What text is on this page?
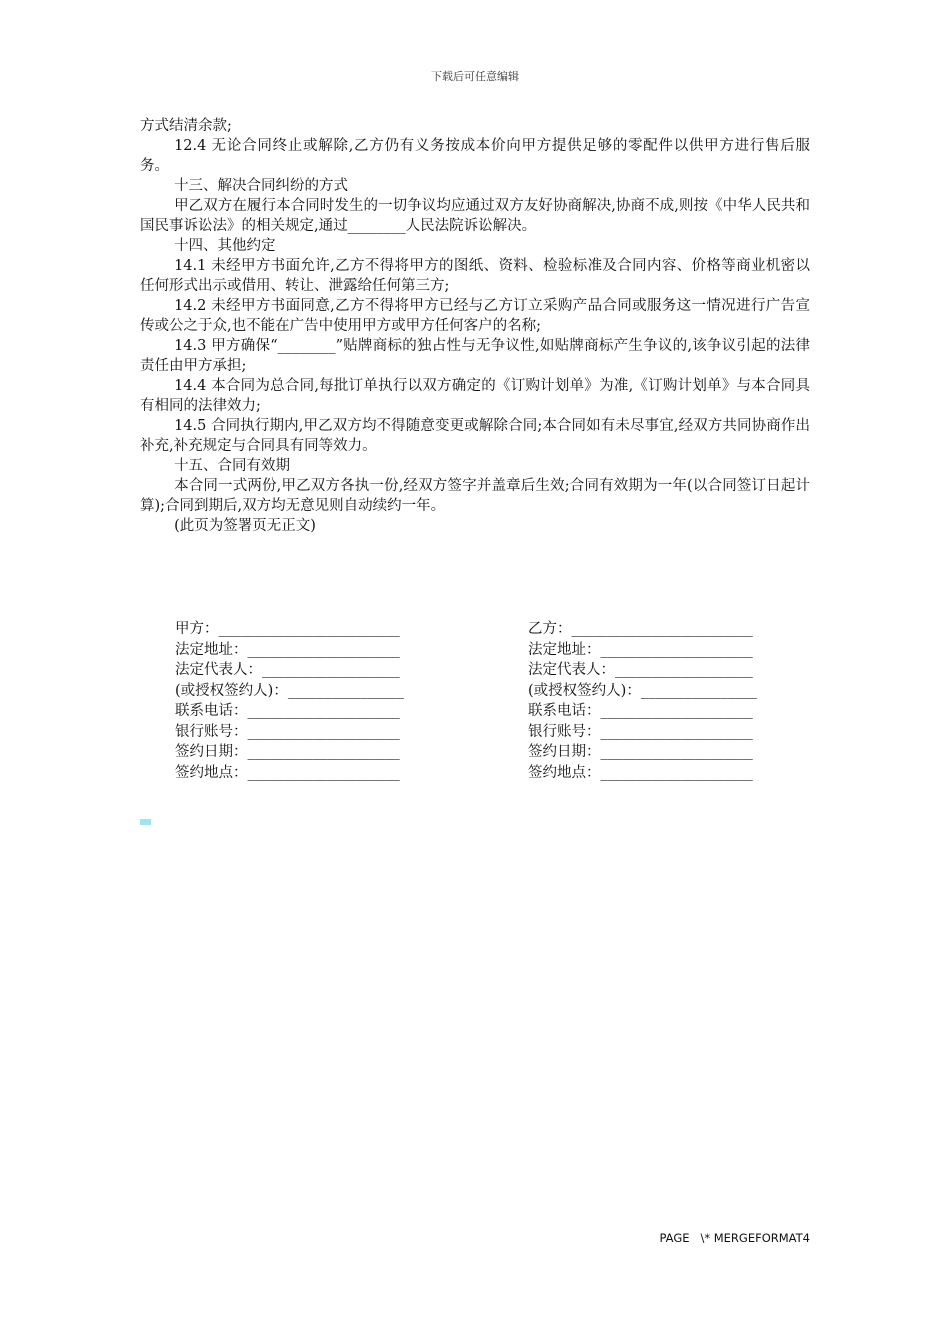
下载后可任意编辑

方式结清余款;

12.4 无论合同终止或解除,乙方仍有义务按成本价向甲方提供足够的零配件以供甲方进行售后服务。

十三、解决合同纠纷的方式

甲乙双方在履行本合同时发生的一切争议均应通过双方友好协商解决,协商不成,则按《中华人民共和国民事诉讼法》的相关规定,通过________人民法院诉讼解决。

十四、其他约定

14.1 未经甲方书面允许,乙方不得将甲方的图纸、资料、检验标准及合同内容、价格等商业机密以任何形式出示或借用、转让、泄露给任何第三方;

14.2 未经甲方书面同意,乙方不得将甲方已经与乙方订立采购产品合同或服务这一情况进行广告宣传或公之于众,也不能在广告中使用甲方或甲方任何客户的名称;

14.3 甲方确保“________”贴牌商标的独占性与无争议性,如贴牌商标产生争议的,该争议引起的法律责任由甲方承担;

14.4 本合同为总合同,每批订单执行以双方确定的《订购计划单》为准,《订购计划单》与本合同具有相同的法律效力;

14.5 合同执行期内,甲乙双方均不得随意变更或解除合同;本合同如有未尽事宜,经双方共同协商作出补充,补充规定与合同具有同等效力。

十五、合同有效期

本合同一式两份,甲乙双方各执一份,经双方签字并盖章后生效;合同有效期为一年(以合同签订日起计算);合同到期后,双方均无意见则自动续约一年。

(此页为签署页无正文)

甲方：_________________________
法定地址：_____________________
法定代表人：___________________
(或授权签约人)：________________
联系电话：_____________________
银行账号：_____________________
签约日期：_____________________
签约地点：_____________________
乙方：_________________________
法定地址：_____________________
法定代表人：___________________
(或授权签约人)：________________
联系电话：_____________________
银行账号：_____________________
签约日期：_____________________
签约地点：_____________________
PAGE   \* MERGEFORMAT4
